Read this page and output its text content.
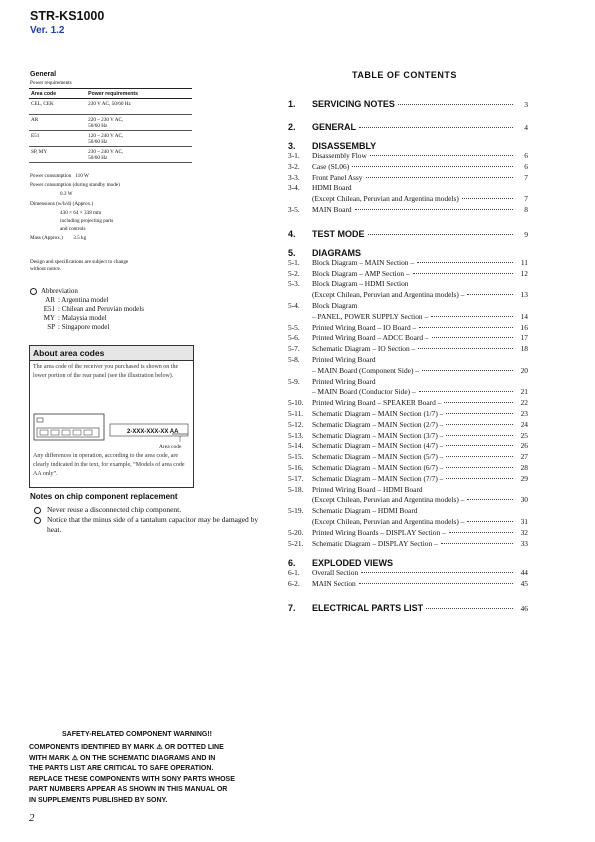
STR-KS1000
Ver. 1.2
General
Power requirements
Area code	Power requirements
CEL, CEK	230 V AC, 50/60 Hz
AR	220 – 230 V AC,
50/60 Hz
E51	120 – 240 V AC,
50/60 Hz
SP, MY	230 – 240 V AC,
50/60 Hz
Power consumption   110 W
Power consumption (during standby mode)
0.3 W
Dimensions (w/h/d) (Approx.)
430 × 64 × 338 mm
including projecting parts
and controls
Mass (Approx.)        3.5 kg
Design and specifications are subject to change
without notice.
Abbreviation
AR : Argentina model
E51 : Chilean and Peruvian models
MY : Malaysia model
SP : Singapore model
About area codes
The area code of the receiver you purchased is shown on the lower portion of the rear panel (see the illustration below).
2-XXX-XXX-XX AA
Area code
Any differences in operation, according to the area code, are clearly indicated in the text, for example, “Models of area code AA only”.
Notes on chip component replacement
Never reuse a disconnected chip component.
Notice that the minus side of a tantalum capacitor may be damaged by heat.
TABLE OF CONTENTS
1.	SERVICING NOTES	3
2.	GENERAL	4
3.	DISASSEMBLY
3-1.	Disassembly Flow	6
3-2.	Case (SL06)	6
3-3.	Front Panel Assy	7
3-4.	HDMI Board
(Except Chilean, Peruvian and Argentina models)	7
3-5.	MAIN Board	8
4.	TEST MODE	9
5.	DIAGRAMS
5-1.	Block Diagram – MAIN Section –	11
5-2.	Block Diagram – AMP Section –	12
5-3.	Block Diagram – HDMI Section
(Except Chilean, Peruvian and Argentina models) –	13
5-4.	Block Diagram
– PANEL, POWER SUPPLY Section –	14
5-5.	Printed Wiring Board – IO Board –	16
5-6.	Printed Wiring Board – ADCC Board –	17
5-7.	Schematic Diagram – IO Section –	18
5-8.	Printed Wiring Board
– MAIN Board (Component Side) –	20
5-9.	Printed Wiring Board
– MAIN Board (Conductor Side) –	21
5-10.	Printed Wiring Board – SPEAKER Board –	22
5-11.	Schematic Diagram – MAIN Section (1/7) –	23
5-12.	Schematic Diagram – MAIN Section (2/7) –	24
5-13.	Schematic Diagram – MAIN Section (3/7) –	25
5-14.	Schematic Diagram – MAIN Section (4/7) –	26
5-15.	Schematic Diagram – MAIN Section (5/7) –	27
5-16.	Schematic Diagram – MAIN Section (6/7) –	28
5-17.	Schematic Diagram – MAIN Section (7/7) –	29
5-18.	Printed Wiring Board – HDMI Board
(Except Chilean, Peruvian and Argentina models) –	30
5-19.	Schematic Diagram – HDMI Board
(Except Chilean, Peruvian and Argentina models) –	31
5-20.	Printed Wiring Boards – DISPLAY Section –	32
5-21.	Schematic Diagram – DISPLAY Section –	33
6.	EXPLODED VIEWS
6-1.	Overall Section	44
6-2.	MAIN Section	45
7.	ELECTRICAL PARTS LIST	46
SAFETY-RELATED COMPONENT WARNING!!
COMPONENTS IDENTIFIED BY MARK ⚠ OR DOTTED LINE
WITH MARK ⚠ ON THE SCHEMATIC DIAGRAMS AND IN
THE PARTS LIST ARE CRITICAL TO SAFE OPERATION.
REPLACE THESE COMPONENTS WITH SONY PARTS WHOSE
PART NUMBERS APPEAR AS SHOWN IN THIS MANUAL OR
IN SUPPLEMENTS PUBLISHED BY SONY.
2
